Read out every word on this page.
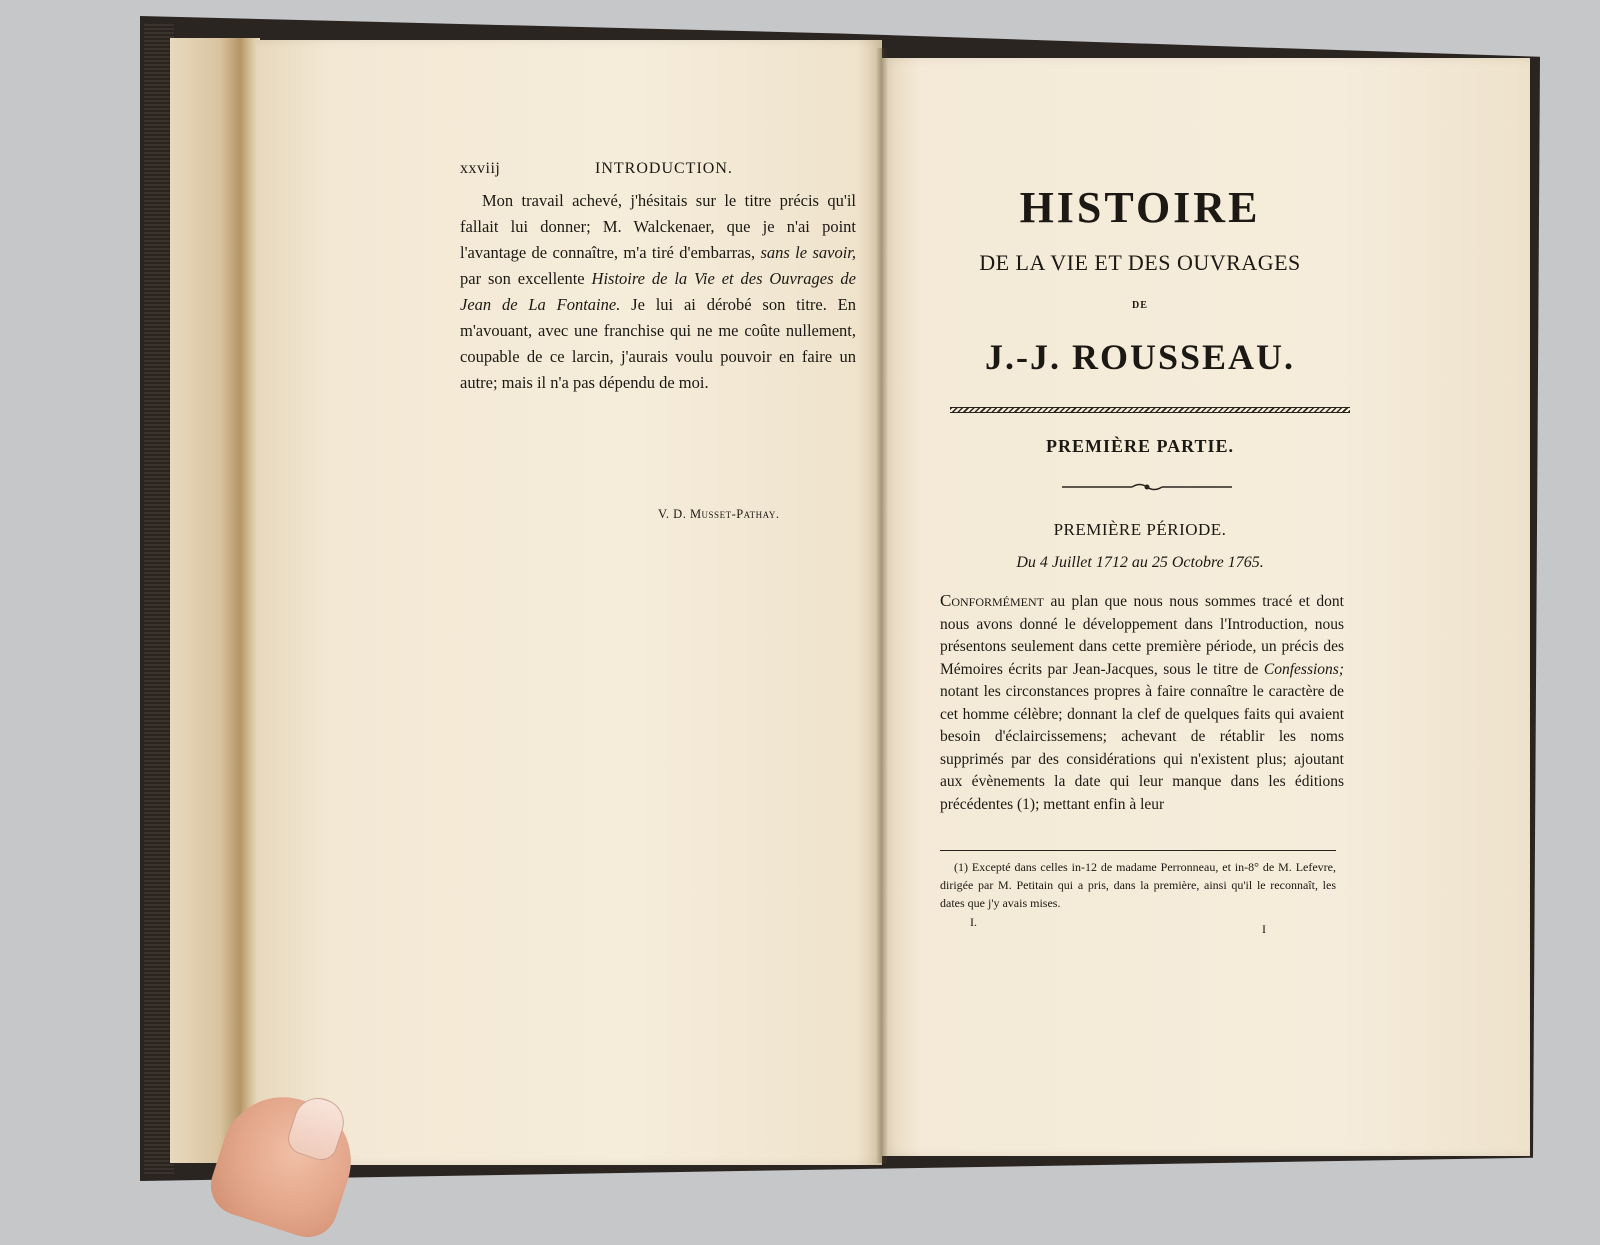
xxviij	INTRODUCTION.

Mon travail achevé, j'hésitais sur le titre précis qu'il fallait lui donner; M. Walckenaer, que je n'ai point l'avantage de connaître, m'a tiré d'embarras, sans le savoir, par son excellente Histoire de la Vie et des Ouvrages de Jean de La Fontaine. Je lui ai dérobé son titre. En m'avouant, avec une franchise qui ne me coûte nullement, coupable de ce larcin, j'aurais voulu pouvoir en faire un autre; mais il n'a pas dépendu de moi.

V. D. Musset-Pathay.
HISTOIRE
DE LA VIE ET DES OUVRAGES
DE
J.-J. ROUSSEAU.
PREMIÈRE PARTIE.
PREMIÈRE PÉRIODE.
Du 4 Juillet 1712 au 25 Octobre 1765.

Conformément au plan que nous nous sommes tracé et dont nous avons donné le développement dans l'Introduction, nous présentons seulement dans cette première période, un précis des Mémoires écrits par Jean-Jacques, sous le titre de Confessions; notant les circonstances propres à faire connaître le caractère de cet homme célèbre; donnant la clef de quelques faits qui avaient besoin d'éclaircissemens; achevant de rétablir les noms supprimés par des considérations qui n'existent plus; ajoutant aux évènements la date qui leur manque dans les éditions précédentes (1); mettant enfin à leur

(1) Excepté dans celles in-12 de madame Perronneau, et in-8° de M. Lefevre, dirigée par M. Petitain qui a pris, dans la première, ainsi qu'il le reconnaît, les dates que j'y avais mises.

I.	I
